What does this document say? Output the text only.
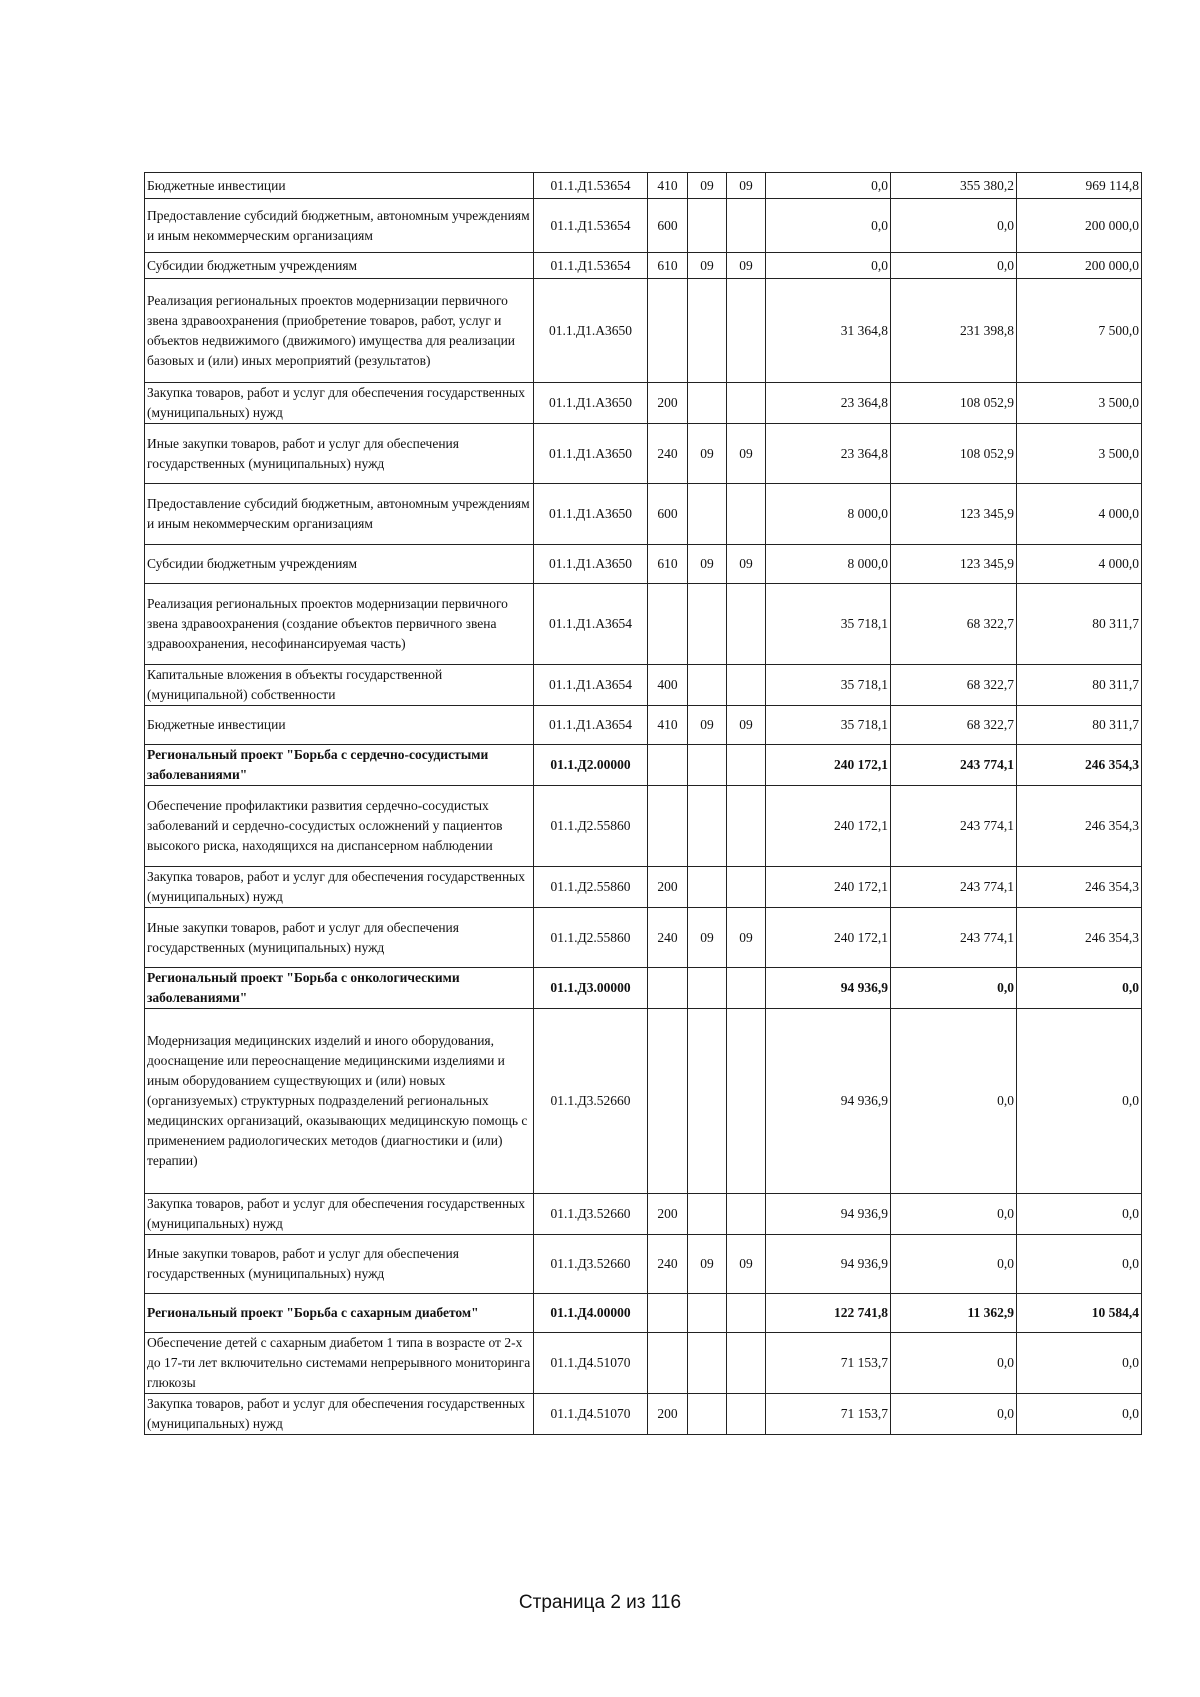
Бюджетные инвестиции	01.1.Д1.53654	410	09	09	0,0	355 380,2	969 114,8
Предоставление субсидий бюджетным, автономным учреждениям и иным некоммерческим организациям	01.1.Д1.53654	600			0,0	0,0	200 000,0
Субсидии бюджетным учреждениям	01.1.Д1.53654	610	09	09	0,0	0,0	200 000,0
Реализация региональных проектов модернизации первичного звена здравоохранения (приобретение товаров, работ, услуг и объектов недвижимого (движимого) имущества для реализации базовых и (или) иных мероприятий (результатов)	01.1.Д1.А3650				31 364,8	231 398,8	7 500,0
Закупка товаров, работ и услуг для обеспечения государственных (муниципальных) нужд	01.1.Д1.А3650	200			23 364,8	108 052,9	3 500,0
Иные закупки товаров, работ и услуг для обеспечения государственных (муниципальных) нужд	01.1.Д1.А3650	240	09	09	23 364,8	108 052,9	3 500,0
Предоставление субсидий бюджетным, автономным учреждениям и иным некоммерческим организациям	01.1.Д1.А3650	600			8 000,0	123 345,9	4 000,0
Субсидии бюджетным учреждениям	01.1.Д1.А3650	610	09	09	8 000,0	123 345,9	4 000,0
Реализация региональных проектов модернизации первичного звена здравоохранения (создание объектов первичного звена здравоохранения, несофинансируемая часть)	01.1.Д1.А3654				35 718,1	68 322,7	80 311,7
Капитальные вложения в объекты государственной (муниципальной) собственности	01.1.Д1.А3654	400			35 718,1	68 322,7	80 311,7
Бюджетные инвестиции	01.1.Д1.А3654	410	09	09	35 718,1	68 322,7	80 311,7
Региональный проект "Борьба с сердечно-сосудистыми заболеваниями"	01.1.Д2.00000				240 172,1	243 774,1	246 354,3
Обеспечение профилактики развития сердечно-сосудистых заболеваний и сердечно-сосудистых осложнений у пациентов высокого риска, находящихся на диспансерном наблюдении	01.1.Д2.55860				240 172,1	243 774,1	246 354,3
Закупка товаров, работ и услуг для обеспечения государственных (муниципальных) нужд	01.1.Д2.55860	200			240 172,1	243 774,1	246 354,3
Иные закупки товаров, работ и услуг для обеспечения государственных (муниципальных) нужд	01.1.Д2.55860	240	09	09	240 172,1	243 774,1	246 354,3
Региональный проект "Борьба с онкологическими заболеваниями"	01.1.Д3.00000				94 936,9	0,0	0,0
Модернизация медицинских изделий и иного оборудования, дооснащение или переоснащение медицинскими изделиями и иным оборудованием существующих и (или) новых (организуемых) структурных подразделений региональных медицинских организаций, оказывающих медицинскую помощь с применением радиологических методов (диагностики и (или) терапии)	01.1.Д3.52660				94 936,9	0,0	0,0
Закупка товаров, работ и услуг для обеспечения государственных (муниципальных) нужд	01.1.Д3.52660	200			94 936,9	0,0	0,0
Иные закупки товаров, работ и услуг для обеспечения государственных (муниципальных) нужд	01.1.Д3.52660	240	09	09	94 936,9	0,0	0,0
Региональный проект "Борьба с сахарным диабетом"	01.1.Д4.00000				122 741,8	11 362,9	10 584,4
Обеспечение детей с сахарным диабетом 1 типа в возрасте от 2-х до 17-ти лет включительно системами непрерывного мониторинга глюкозы	01.1.Д4.51070				71 153,7	0,0	0,0
Закупка товаров, работ и услуг для обеспечения государственных (муниципальных) нужд	01.1.Д4.51070	200			71 153,7	0,0	0,0
Страница 2 из 116
